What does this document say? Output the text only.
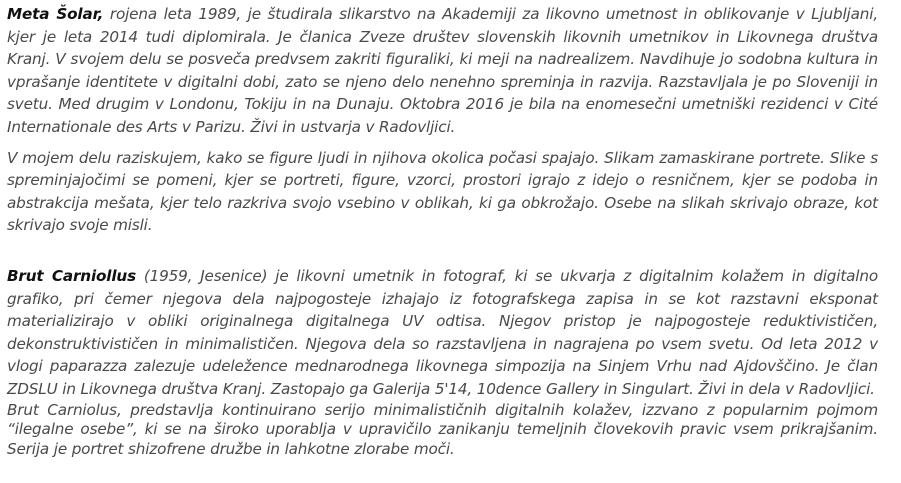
Meta Šolar, rojena leta 1989, je študirala slikarstvo na Akademiji za likovno umetnost in oblikovanje v Ljubljani, kjer je leta 2014 tudi diplomirala. Je članica Zveze društev slovenskih likovnih umetnikov in Likovnega društva Kranj. V svojem delu se posveča predvsem zakriti figuraliki, ki meji na nadrealizem. Navdihuje jo sodobna kultura in vprašanje identitete v digitalni dobi, zato se njeno delo nenehno spreminja in razvija. Razstavljala je po Sloveniji in svetu. Med drugim v Londonu, Tokiju in na Dunaju. Oktobra 2016 je bila na enomesečni umetniški rezidenci v Cité Internationale des Arts v Parizu. Živi in ustvarja v Radovljici.

V mojem delu raziskujem, kako se figure ljudi in njihova okolica počasi spajajo. Slikam zamaskirane portrete. Slike s spreminjajočimi se pomeni, kjer se portreti, figure, vzorci, prostori igrajo z idejo o resničnem, kjer se podoba in abstrakcija mešata, kjer telo razkriva svojo vsebino v oblikah, ki ga obkrožajo. Osebe na slikah skrivajo obraze, kot skrivajo svoje misli.

Brut Carniollus (1959, Jesenice) je likovni umetnik in fotograf, ki se ukvarja z digitalnim kolažem in digitalno grafiko, pri čemer njegova dela najpogosteje izhajajo iz fotografskega zapisa in se kot razstavni eksponat materializirajo v obliki originalnega digitalnega UV odtisa. Njegov pristop je najpogosteje reduktivističen, dekonstruktivističen in minimalističen. Njegova dela so razstavljena in nagrajena po vsem svetu. Od leta 2012 v vlogi paparazza zalezuje udeležence mednarodnega likovnega simpozija na Sinjem Vrhu nad Ajdovščino. Je član ZDSLU in Likovnega društva Kranj. Zastopajo ga Galerija 5'14, 10dence Gallery in Singulart. Živi in dela v Radovljici.

Brut Carniolus, predstavlja kontinuirano serijo minimalističnih digitalnih kolažev, izzvano z popularnim pojmom “ilegalne osebe”, ki se na široko uporablja v upravičilo zanikanju temeljnih človekovih pravic vsem prikrajšanim. Serija je portret shizofrene družbe in lahkotne zlorabe moči.
